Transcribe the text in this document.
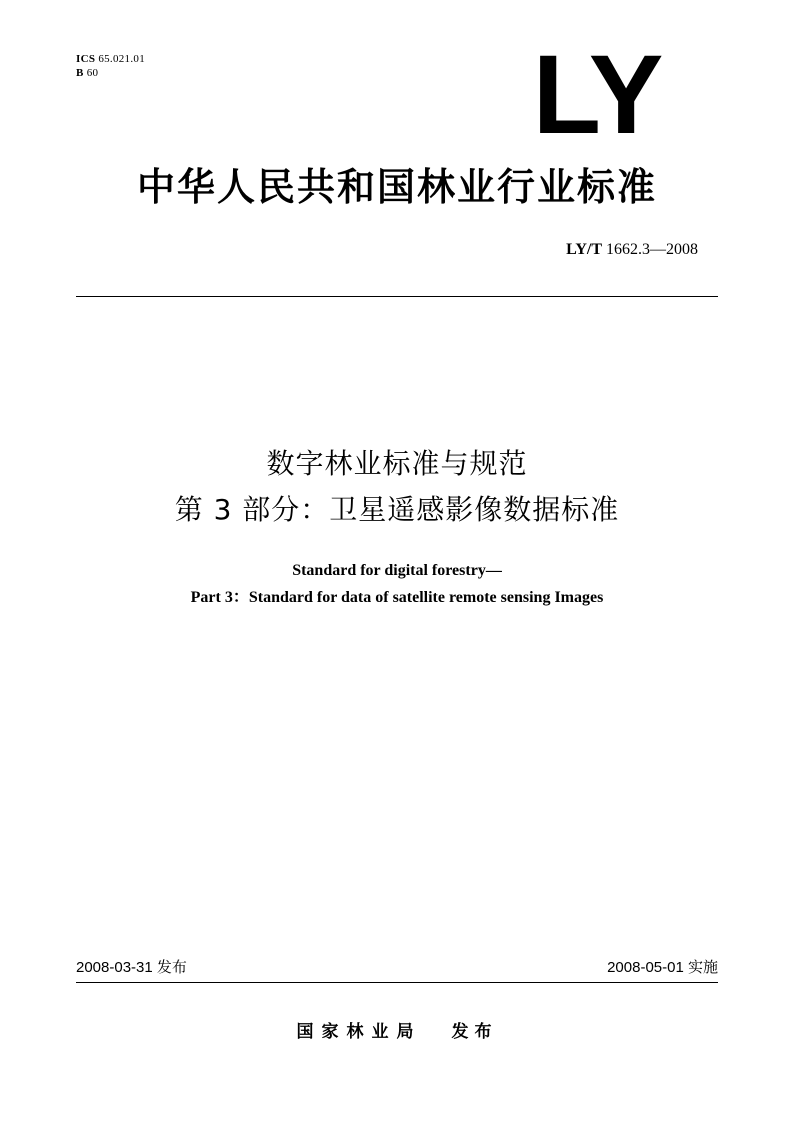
ICS 65.021.01
B 60	LY
中华人民共和国林业行业标准
LY/T 1662.3—2008
数字林业标准与规范
第 3 部分：卫星遥感影像数据标准
Standard for digital forestry—
Part 3：Standard for data of satellite remote sensing Images
2008-03-31 发布	2008-05-01 实施
国家林业局 发布
